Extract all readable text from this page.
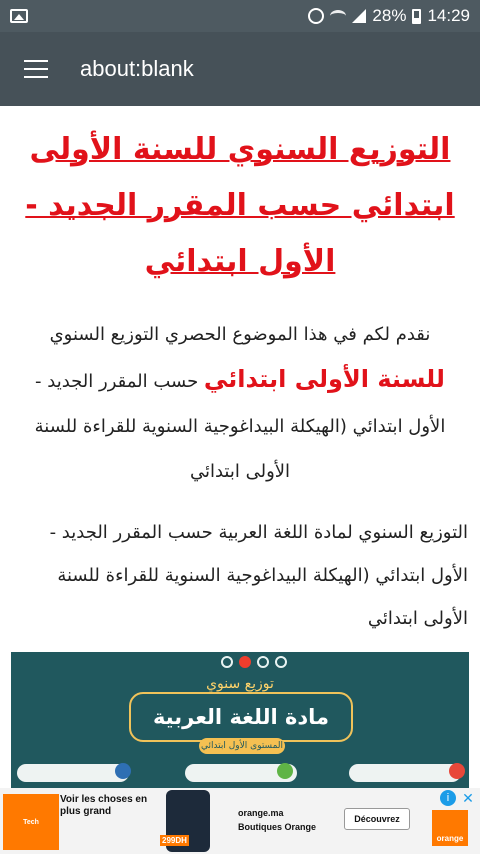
28% 14:29
about:blank
التوزيع السنوي للسنة الأولى ابتدائي حسب المقرر الجديد - الأول ابتدائي
نقدم لكم في هذا الموضوع الحصري التوزيع السنوي للسنة الأولى ابتدائي حسب المقرر الجديد - الأول ابتدائي (الهيكلة البيداغوجية السنوية للقراءة للسنة الأولى ابتدائي
التوزيع السنوي لمادة اللغة العربية حسب المقرر الجديد - الأول ابتدائي (الهيكلة البيداغوجية السنوية للقراءة للسنة الأولى ابتدائي
توزيع سنوي
مادة اللغة العربية
المستوى الأول ابتدائي
Tech
Voir les choses en plus grand
299DH	orange.ma
Boutiques Orange
Découvrez
orange
i ✕
